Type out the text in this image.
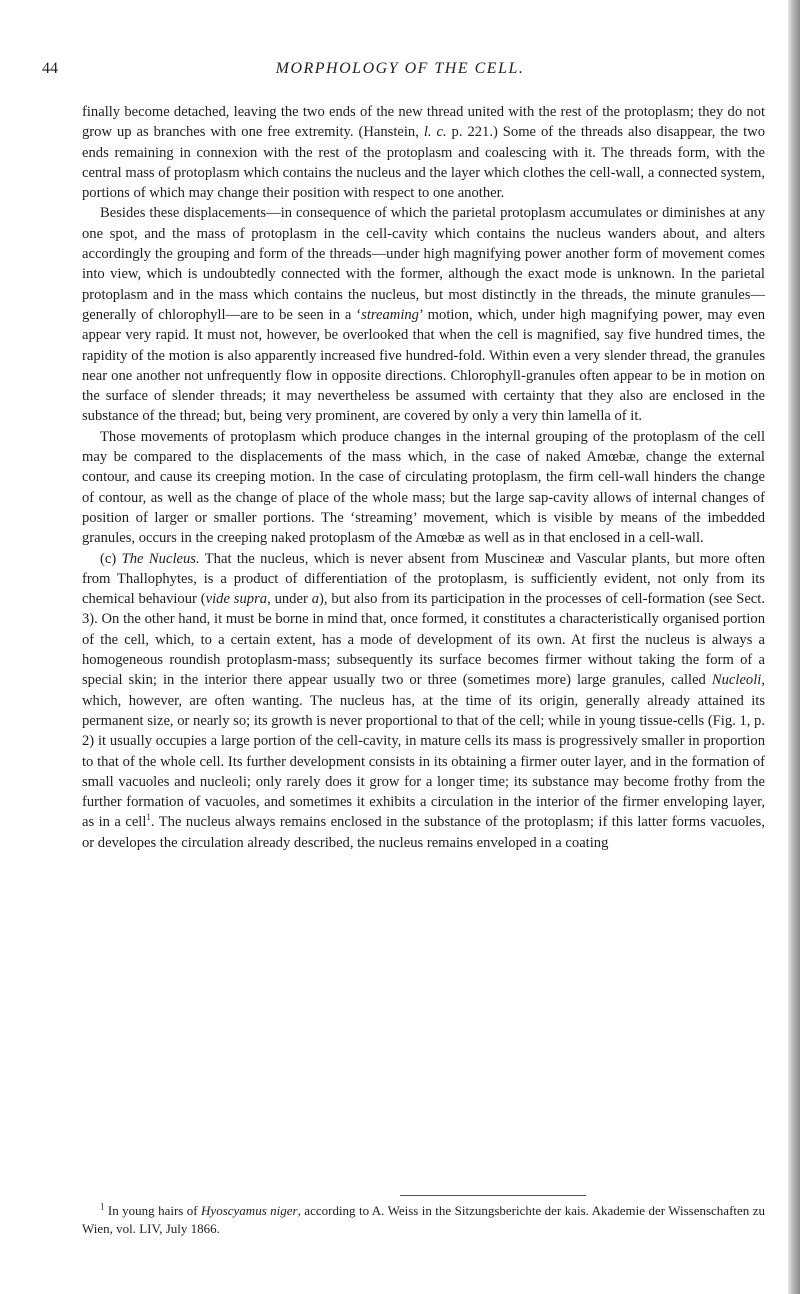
44	MORPHOLOGY OF THE CELL.

finally become detached, leaving the two ends of the new thread united with the rest of the protoplasm; they do not grow up as branches with one free extremity. (Hanstein, l. c. p. 221.) Some of the threads also disappear, the two ends remaining in connexion with the rest of the protoplasm and coalescing with it. The threads form, with the central mass of protoplasm which contains the nucleus and the layer which clothes the cell-wall, a connected system, portions of which may change their position with respect to one another.

Besides these displacements—in consequence of which the parietal protoplasm accumulates or diminishes at any one spot, and the mass of protoplasm in the cell-cavity which contains the nucleus wanders about, and alters accordingly the grouping and form of the threads—under high magnifying power another form of movement comes into view, which is undoubtedly connected with the former, although the exact mode is unknown. In the parietal protoplasm and in the mass which contains the nucleus, but most distinctly in the threads, the minute granules—generally of chlorophyll—are to be seen in a ‘streaming’ motion, which, under high magnifying power, may even appear very rapid. It must not, however, be overlooked that when the cell is magnified, say five hundred times, the rapidity of the motion is also apparently increased five hundred-fold. Within even a very slender thread, the granules near one another not unfrequently flow in opposite directions. Chlorophyll-granules often appear to be in motion on the surface of slender threads; it may nevertheless be assumed with certainty that they also are enclosed in the substance of the thread; but, being very prominent, are covered by only a very thin lamella of it.

Those movements of protoplasm which produce changes in the internal grouping of the protoplasm of the cell may be compared to the displacements of the mass which, in the case of naked Amœbæ, change the external contour, and cause its creeping motion. In the case of circulating protoplasm, the firm cell-wall hinders the change of contour, as well as the change of place of the whole mass; but the large sap-cavity allows of internal changes of position of larger or smaller portions. The ‘streaming’ movement, which is visible by means of the imbedded granules, occurs in the creeping naked protoplasm of the Amœbæ as well as in that enclosed in a cell-wall.

(c) The Nucleus. That the nucleus, which is never absent from Muscineæ and Vascular plants, but more often from Thallophytes, is a product of differentiation of the protoplasm, is sufficiently evident, not only from its chemical behaviour (vide supra, under a), but also from its participation in the processes of cell-formation (see Sect. 3). On the other hand, it must be borne in mind that, once formed, it constitutes a characteristically organised portion of the cell, which, to a certain extent, has a mode of development of its own. At first the nucleus is always a homogeneous roundish protoplasm-mass; subsequently its surface becomes firmer without taking the form of a special skin; in the interior there appear usually two or three (sometimes more) large granules, called Nucleoli, which, however, are often wanting. The nucleus has, at the time of its origin, generally already attained its permanent size, or nearly so; its growth is never proportional to that of the cell; while in young tissue-cells (Fig. 1, p. 2) it usually occupies a large portion of the cell-cavity, in mature cells its mass is progressively smaller in proportion to that of the whole cell. Its further development consists in its obtaining a firmer outer layer, and in the formation of small vacuoles and nucleoli; only rarely does it grow for a longer time; its substance may become frothy from the further formation of vacuoles, and sometimes it exhibits a circulation in the interior of the firmer enveloping layer, as in a cell$^1$. The nucleus always remains enclosed in the substance of the protoplasm; if this latter forms vacuoles, or developes the circulation already described, the nucleus remains enveloped in a coating

$^1$ In young hairs of Hyoscyamus niger, according to A. Weiss in the Sitzungsberichte der kais. Akademie der Wissenschaften zu Wien, vol. LIV, July 1866.
